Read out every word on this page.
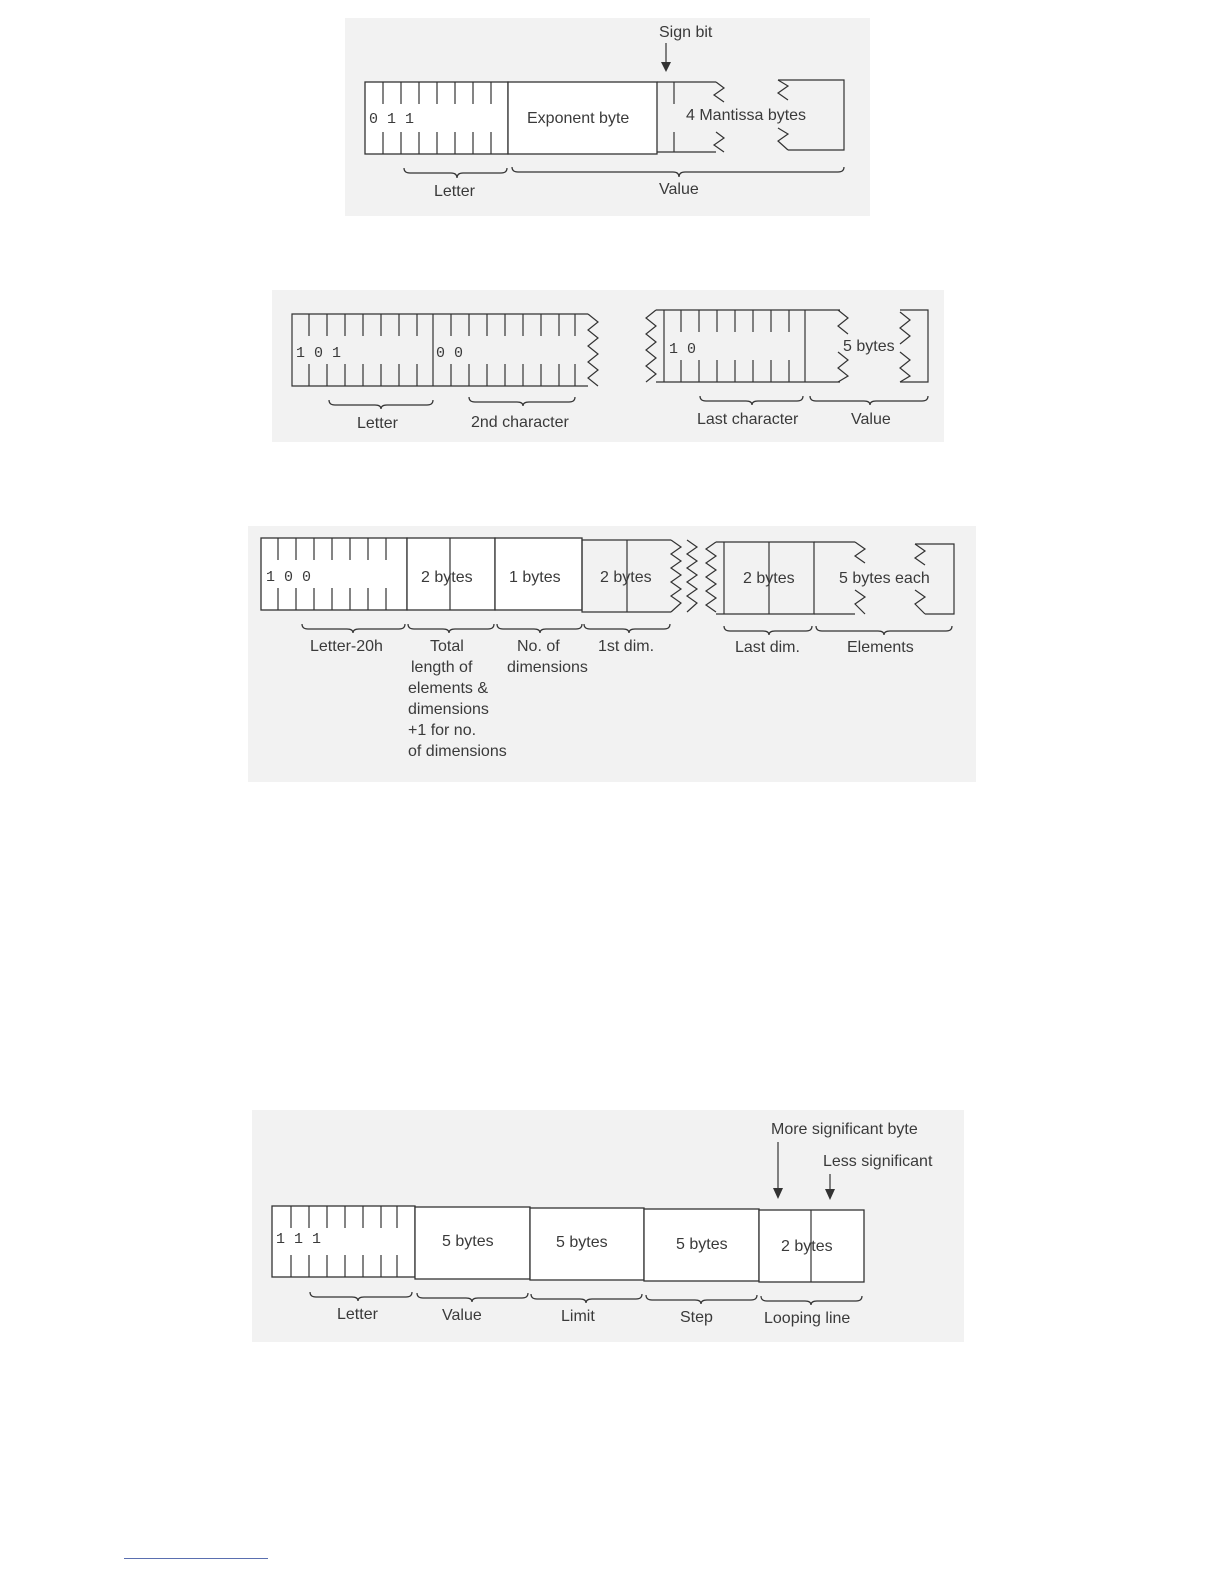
Sign bit
0 1 1	Exponent byte	4 Mantissa bytes
Letter	Value
1 0 1	0 0	1 0	5 bytes
Letter	2nd character	Last character	Value
1 0 0	2 bytes 1 bytes 2 bytes	2 bytes	5 bytes each
Letter-20h	Total length of elements & dimensions +1 for no. of dimensions
No. of dimensions
1st dim.	Last dim.	Elements
More significant byte
Less significant
1 1 1	5 bytes	5 bytes	5 bytes	2 bytes
Letter	Value	Limit	Step	Looping line
